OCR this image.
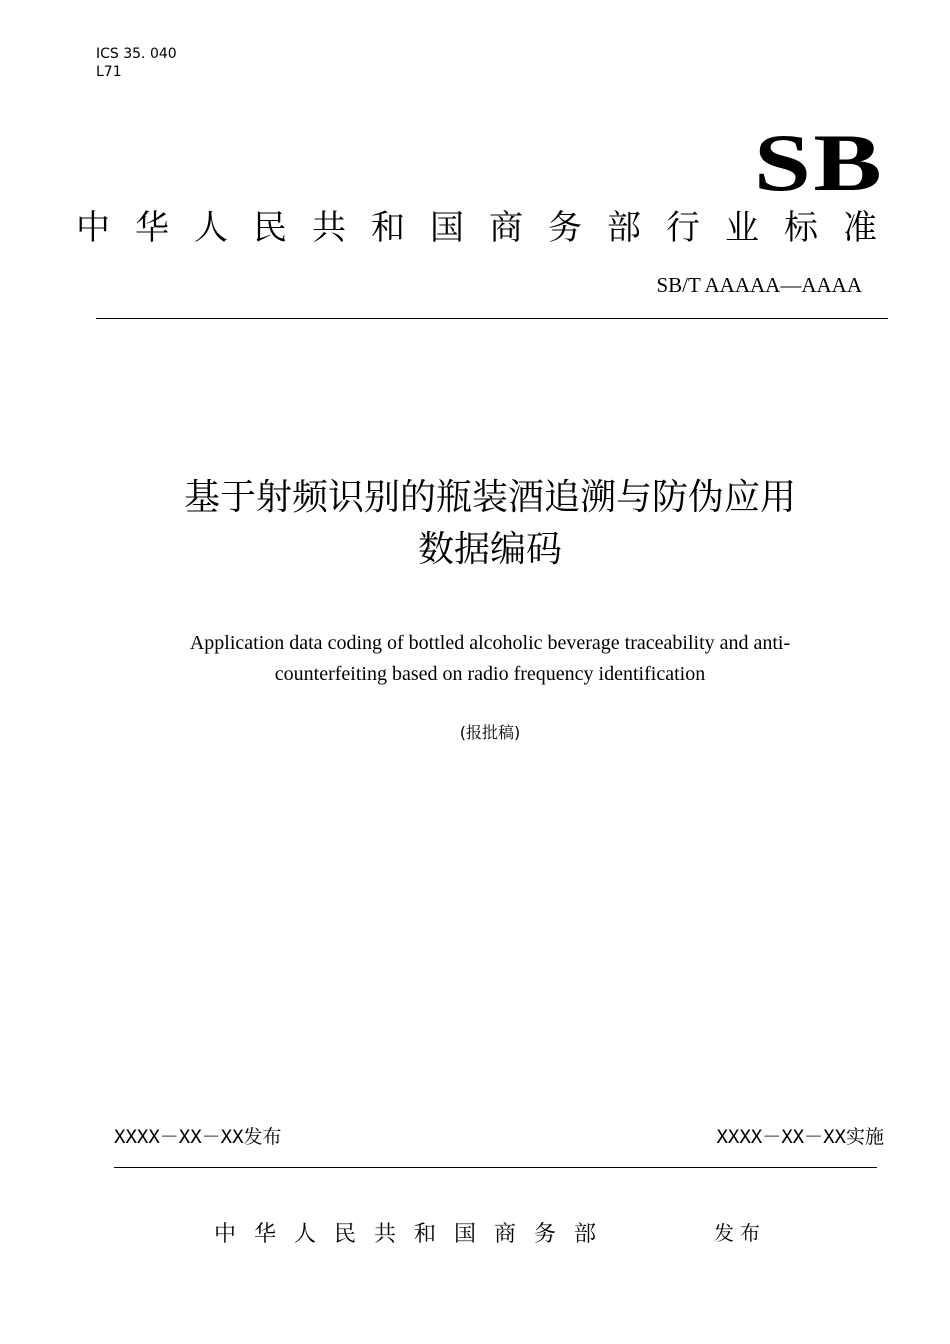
ICS 35. 040
L71
SB
中华人民共和国商务部行业标准
SB/T AAAAA—AAAA
基于射频识别的瓶装酒追溯与防伪应用
数据编码
Application data coding of bottled alcoholic beverage traceability and anti-
counterfeiting based on radio frequency identification
(报批稿)
XXXX－XX－XX发布	XXXX－XX－XX实施
中华人民共和国商务部	发布
